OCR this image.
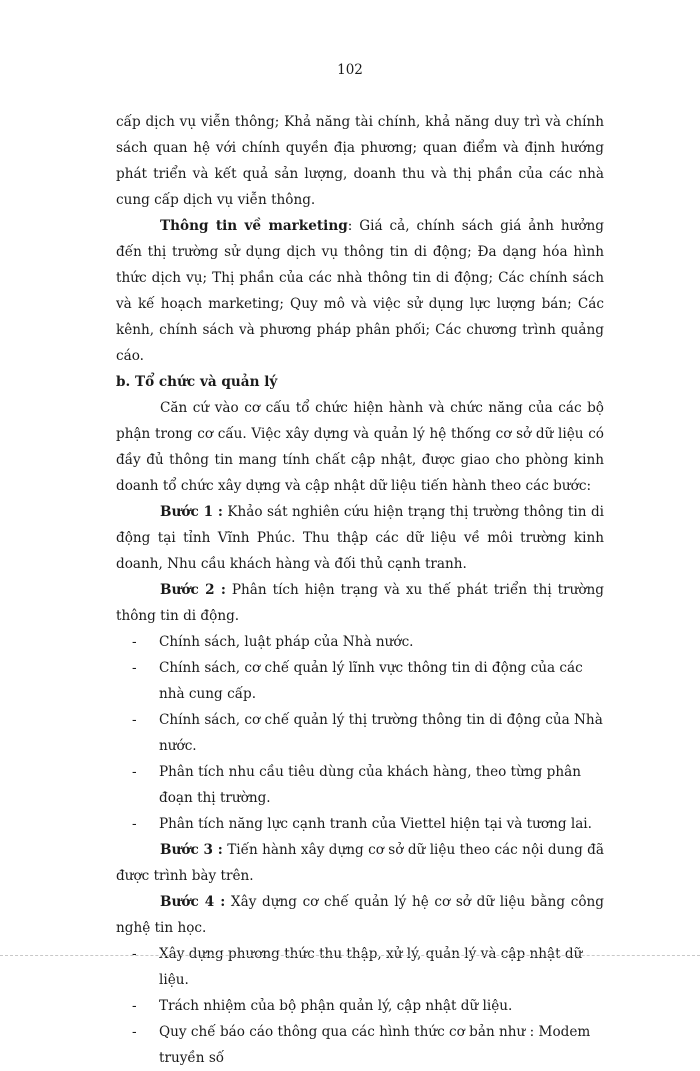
102

cấp dịch vụ viễn thông; Khả năng tài chính, khả năng duy trì và chính sách quan hệ với chính quyền địa phương; quan điểm và định hướng phát triển và kết quả sản lượng, doanh thu và thị phần của các nhà cung cấp dịch vụ viễn thông.

Thông tin về marketing: Giá cả, chính sách giá ảnh hưởng đến thị trường sử dụng dịch vụ thông tin di động; Đa dạng hóa hình thức dịch vụ; Thị phần của các nhà thông tin di động; Các chính sách và kế hoạch marketing; Quy mô và việc sử dụng lực lượng bán; Các kênh, chính sách và phương pháp phân phối; Các chương trình quảng cáo.

b. Tổ chức và quản lý

Căn cứ vào cơ cấu tổ chức hiện hành và chức năng của các bộ phận trong cơ cấu. Việc xây dựng và quản lý hệ thống cơ sở dữ liệu có đầy đủ thông tin mang tính chất cập nhật, được giao cho phòng kinh doanh tổ chức xây dựng và cập nhật dữ liệu tiến hành theo các bước:

Bước 1 : Khảo sát nghiên cứu hiện trạng thị trường thông tin di động tại tỉnh Vĩnh Phúc. Thu thập các dữ liệu về môi trường kinh doanh, Nhu cầu khách hàng và đối thủ cạnh tranh.

Bước 2 : Phân tích hiện trạng và xu thế phát triển thị trường thông tin di động.

- Chính sách, luật pháp của Nhà nước.
- Chính sách, cơ chế quản lý lĩnh vực thông tin di động của các nhà cung cấp.
- Chính sách, cơ chế quản lý thị trường thông tin di động của Nhà nước.
- Phân tích nhu cầu tiêu dùng của khách hàng, theo từng phân đoạn thị trường.
- Phân tích năng lực cạnh tranh của Viettel hiện tại và tương lai.

Bước 3 : Tiến hành xây dựng cơ sở dữ liệu theo các nội dung đã được trình bày trên.

Bước 4 : Xây dựng cơ chế quản lý hệ cơ sở dữ liệu bằng công nghệ tin học.

- Xây dựng phương thức thu thập, xử lý, quản lý và cập nhật dữ liệu.
- Trách nhiệm của bộ phận quản lý, cập nhật dữ liệu.
- Quy chế báo cáo thông qua các hình thức cơ bản như : Modem truyền số
